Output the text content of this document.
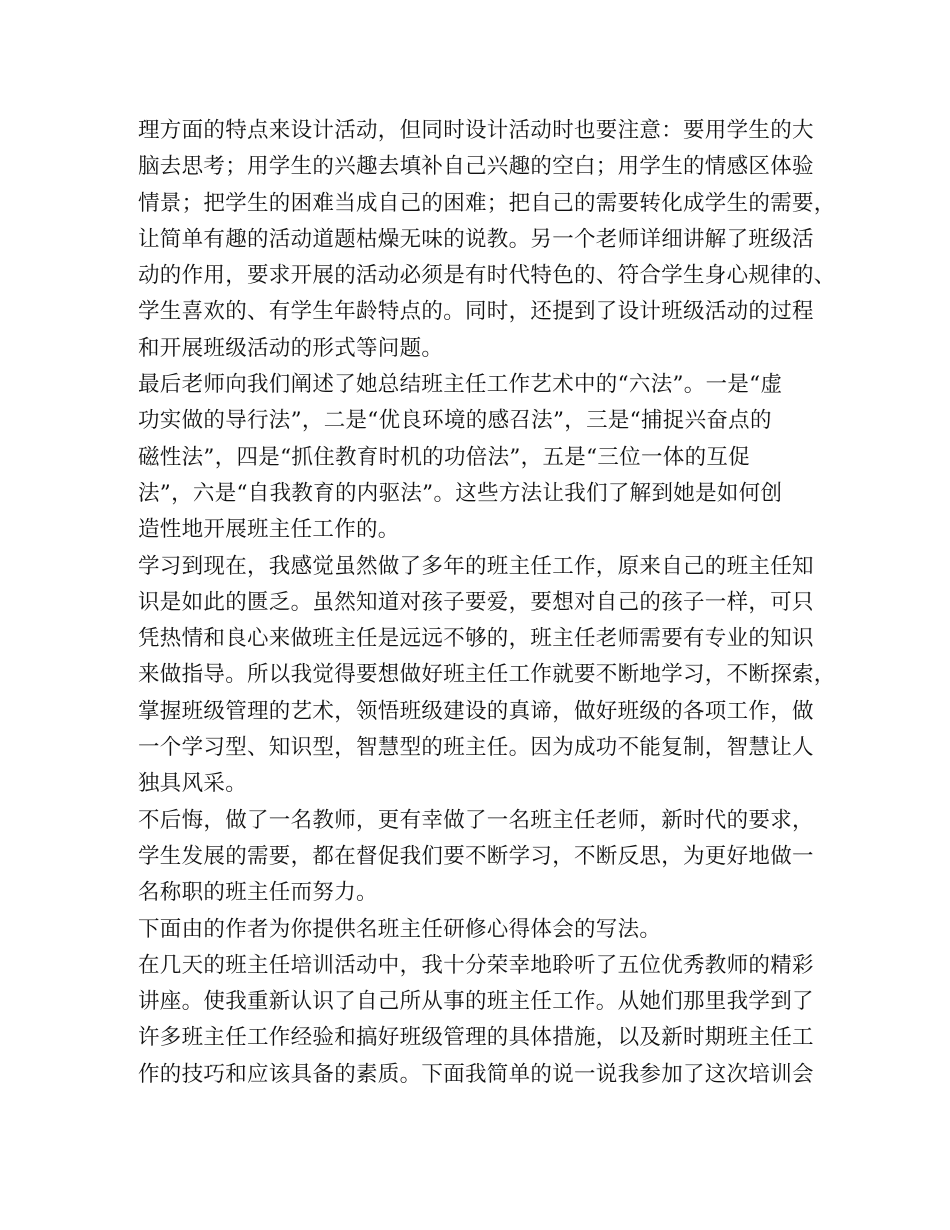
理方面的特点来设计活动，但同时设计活动时也要注意：要用学生的大
脑去思考；用学生的兴趣去填补自己兴趣的空白；用学生的情感区体验
情景；把学生的困难当成自己的困难；把自己的需要转化成学生的需要，
让简单有趣的活动道题枯燥无味的说教。另一个老师详细讲解了班级活
动的作用，要求开展的活动必须是有时代特色的、符合学生身心规律的、
学生喜欢的、有学生年龄特点的。同时，还提到了设计班级活动的过程
和开展班级活动的形式等问题。
最后老师向我们阐述了她总结班主任工作艺术中的“六法”。一是“虚
功实做的导行法”，二是“优良环境的感召法”，三是“捕捉兴奋点的
磁性法”，四是“抓住教育时机的功倍法”，五是“三位一体的互促
法”，六是“自我教育的内驱法”。这些方法让我们了解到她是如何创
造性地开展班主任工作的。
学习到现在，我感觉虽然做了多年的班主任工作，原来自己的班主任知
识是如此的匮乏。虽然知道对孩子要爱，要想对自己的孩子一样，可只
凭热情和良心来做班主任是远远不够的，班主任老师需要有专业的知识
来做指导。所以我觉得要想做好班主任工作就要不断地学习，不断探索，
掌握班级管理的艺术，领悟班级建设的真谛，做好班级的各项工作，做
一个学习型、知识型，智慧型的班主任。因为成功不能复制，智慧让人
独具风采。
不后悔，做了一名教师，更有幸做了一名班主任老师，新时代的要求，
学生发展的需要，都在督促我们要不断学习，不断反思，为更好地做一
名称职的班主任而努力。
下面由的作者为你提供名班主任研修心得体会的写法。
在几天的班主任培训活动中，我十分荣幸地聆听了五位优秀教师的精彩
讲座。使我重新认识了自己所从事的班主任工作。从她们那里我学到了
许多班主任工作经验和搞好班级管理的具体措施，以及新时期班主任工
作的技巧和应该具备的素质。下面我简单的说一说我参加了这次培训会
